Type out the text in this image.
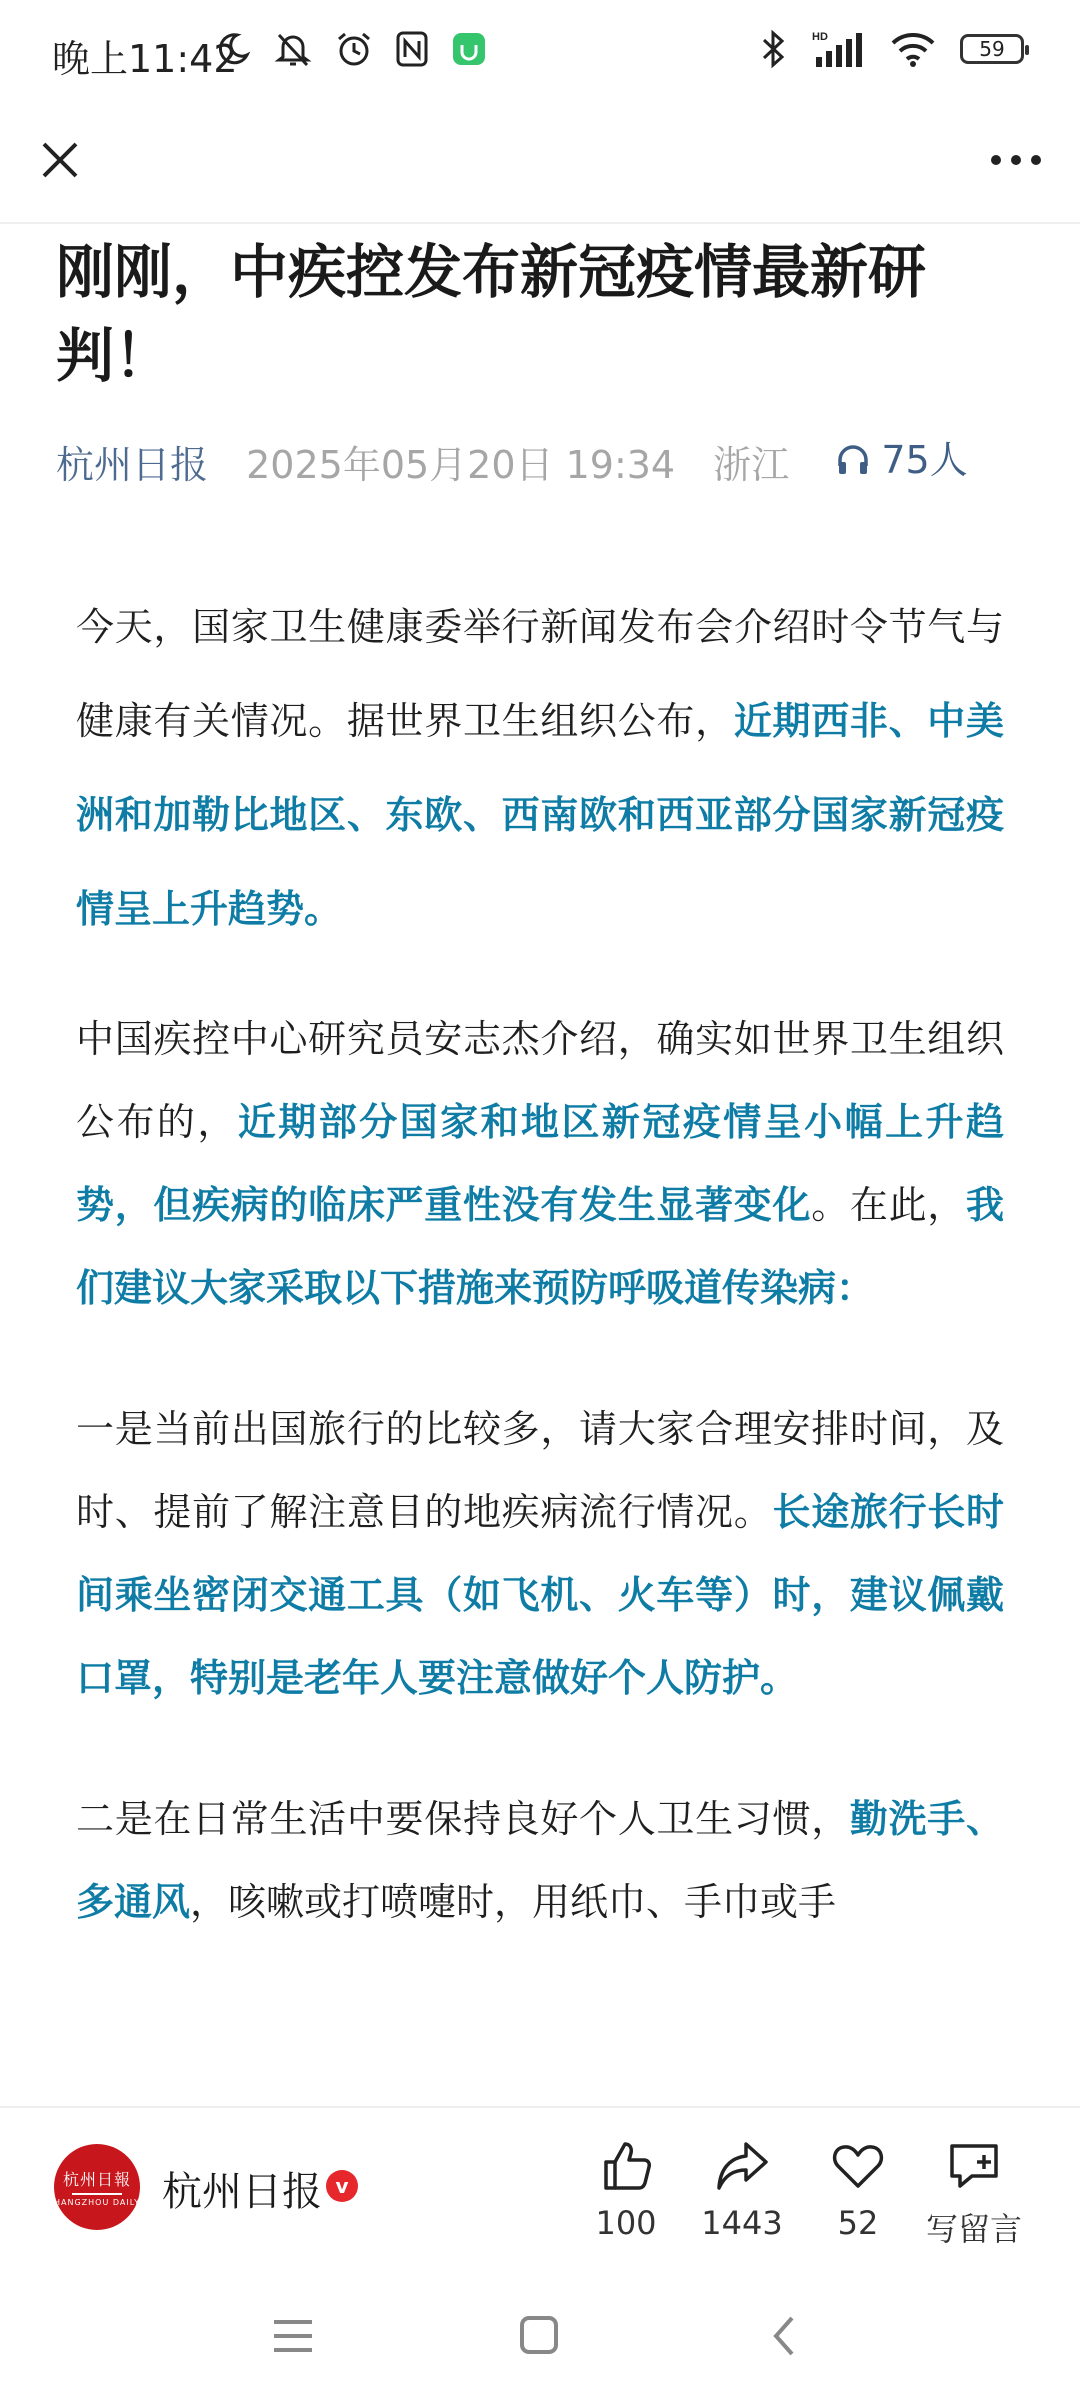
晚上11:42	HD	59
刚刚，中疾控发布新冠疫情最新研判！
杭州日报 2025年05月20日 19:34 浙江 75人

今天，国家卫生健康委举行新闻发布会介绍时令节气与健康有关情况。据世界卫生组织公布，近期西非、中美洲和加勒比地区、东欧、西南欧和西亚部分国家新冠疫情呈上升趋势。

中国疾控中心研究员安志杰介绍，确实如世界卫生组织公布的，近期部分国家和地区新冠疫情呈小幅上升趋势，但疾病的临床严重性没有发生显著变化。在此，我们建议大家采取以下措施来预防呼吸道传染病：

一是当前出国旅行的比较多，请大家合理安排时间，及时、提前了解注意目的地疾病流行情况。长途旅行长时间乘坐密闭交通工具（如飞机、火车等）时，建议佩戴口罩，特别是老年人要注意做好个人防护。

二是在日常生活中要保持良好个人卫生习惯，勤洗手、多通风，咳嗽或打喷嚏时，用纸巾、手巾或手

杭州日報
HANGZHOU DAILY 杭州日报 v
100	1443	52	写留言
